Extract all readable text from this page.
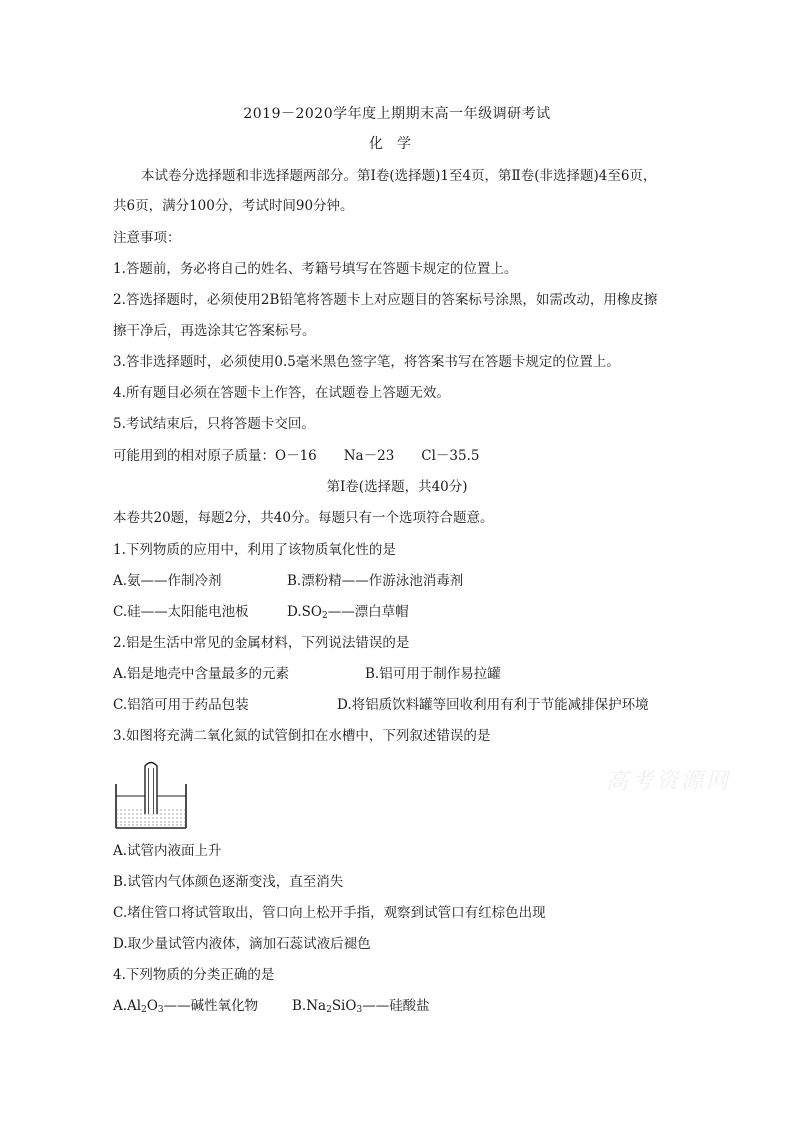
2019－2020学年度上期期末高一年级调研考试
化学
本试卷分选择题和非选择题两部分。第Ⅰ卷(选择题)1至4页，第Ⅱ卷(非选择题)4至6页，
共6页，满分100分，考试时间90分钟。
注意事项：
1.答题前，务必将自己的姓名、考籍号填写在答题卡规定的位置上。
2.答选择题时，必须使用2B铅笔将答题卡上对应题目的答案标号涂黑，如需改动，用橡皮擦
擦干净后，再选涂其它答案标号。
3.答非选择题时，必须使用0.5毫米黑色签字笔，将答案书写在答题卡规定的位置上。
4.所有题目必须在答题卡上作答，在试题卷上答题无效。
5.考试结束后，只将答题卡交回。
可能用到的相对原子质量：O－16　　Na－23　　Cl－35.5
第Ⅰ卷(选择题，共40分)
本卷共20题，每题2分，共40分。每题只有一个选项符合题意。
1.下列物质的应用中，利用了该物质氧化性的是
A.氨——作制冷剂	B.漂粉精——作游泳池消毒剂
C.硅——太阳能电池板	$D.SO_2——$漂白草帽
2.铝是生活中常见的金属材料，下列说法错误的是
A.铝是地壳中含量最多的元素	B.铝可用于制作易拉罐
C.铝箔可用于药品包装	D.将铝质饮料罐等回收利用有利于节能减排保护环境
3.如图将充满二氧化氮的试管倒扣在水槽中，下列叙述错误的是
A.试管内液面上升
B.试管内气体颜色逐渐变浅，直至消失
C.堵住管口将试管取出，管口向上松开手指，观察到试管口有红棕色出现
D.取少量试管内液体，滴加石蕊试液后褪色
4.下列物质的分类正确的是
$A.Al_2O_3——$碱性氧化物	$B.Na_2SiO_3——$硅酸盐
高考资源网
